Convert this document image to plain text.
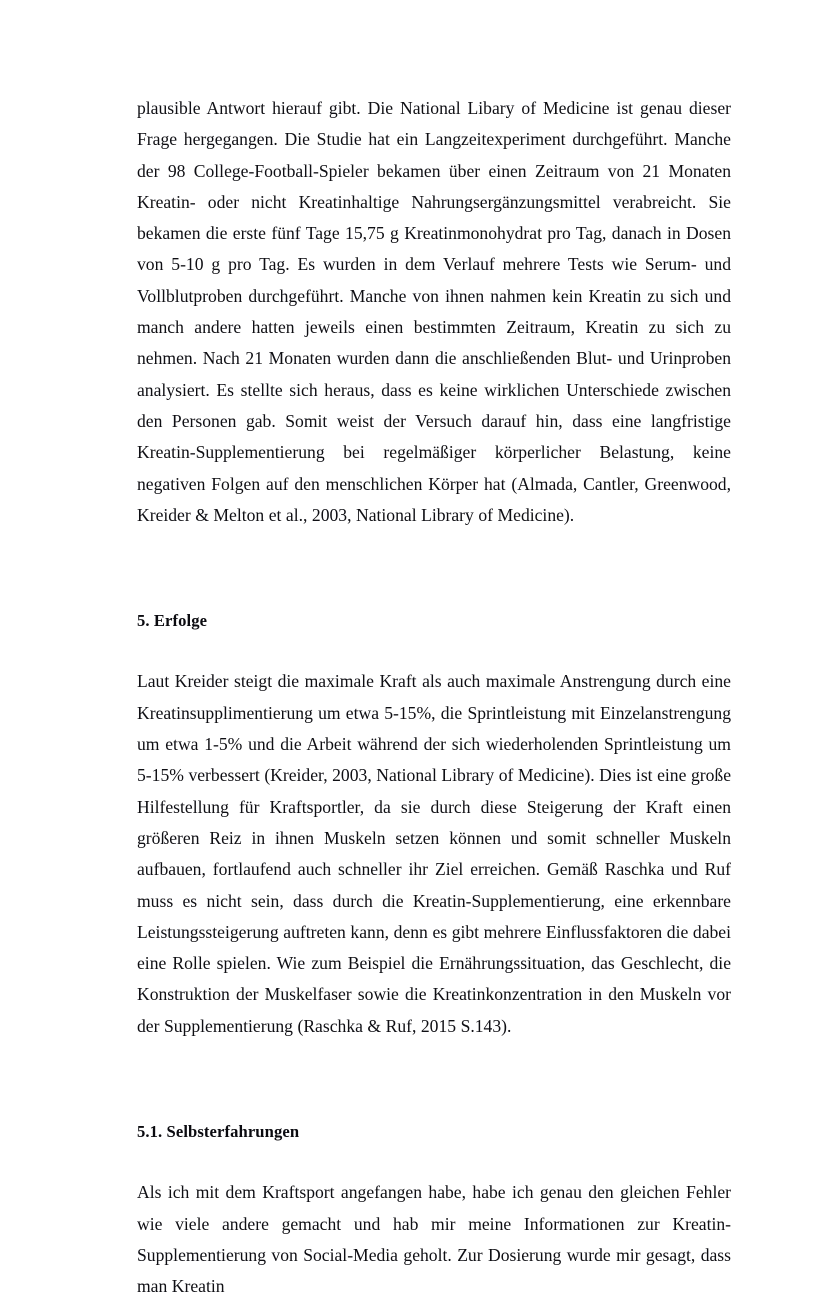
plausible Antwort hierauf gibt. Die National Libary of Medicine ist genau dieser Frage hergegangen. Die Studie hat ein Langzeitexperiment durchgeführt. Manche der 98 College-Football-Spieler bekamen über einen Zeitraum von 21 Monaten Kreatin- oder nicht Kreatinhaltige Nahrungsergänzungsmittel verabreicht. Sie bekamen die erste fünf Tage 15,75 g Kreatinmonohydrat pro Tag, danach in Dosen von 5-10 g pro Tag. Es wurden in dem Verlauf mehrere Tests wie Serum- und Vollblutproben durchgeführt. Manche von ihnen nahmen kein Kreatin zu sich und manch andere hatten jeweils einen bestimmten Zeitraum, Kreatin zu sich zu nehmen. Nach 21 Monaten wurden dann die anschließenden Blut- und Urinproben analysiert. Es stellte sich heraus, dass es keine wirklichen Unterschiede zwischen den Personen gab. Somit weist der Versuch darauf hin, dass eine langfristige Kreatin-Supplementierung bei regelmäßiger körperlicher Belastung, keine negativen Folgen auf den menschlichen Körper hat (Almada, Cantler, Greenwood, Kreider & Melton et al., 2003, National Library of Medicine).

5. Erfolge

Laut Kreider steigt die maximale Kraft als auch maximale Anstrengung durch eine Kreatinsupplimentierung um etwa 5-15%, die Sprintleistung mit Einzelanstrengung um etwa 1-5% und die Arbeit während der sich wiederholenden Sprintleistung um 5-15% verbessert (Kreider, 2003, National Library of Medicine). Dies ist eine große Hilfestellung für Kraftsportler, da sie durch diese Steigerung der Kraft einen größeren Reiz in ihnen Muskeln setzen können und somit schneller Muskeln aufbauen, fortlaufend auch schneller ihr Ziel erreichen. Gemäß Raschka und Ruf muss es nicht sein, dass durch die Kreatin-Supplementierung, eine erkennbare Leistungssteigerung auftreten kann, denn es gibt mehrere Einflussfaktoren die dabei eine Rolle spielen. Wie zum Beispiel die Ernährungssituation, das Geschlecht, die Konstruktion der Muskelfaser sowie die Kreatinkonzentration in den Muskeln vor der Supplementierung (Raschka & Ruf, 2015 S.143).

5.1. Selbsterfahrungen

Als ich mit dem Kraftsport angefangen habe, habe ich genau den gleichen Fehler wie viele andere gemacht und hab mir meine Informationen zur Kreatin-Supplementierung von Social-Media geholt. Zur Dosierung wurde mir gesagt, dass man Kreatin
